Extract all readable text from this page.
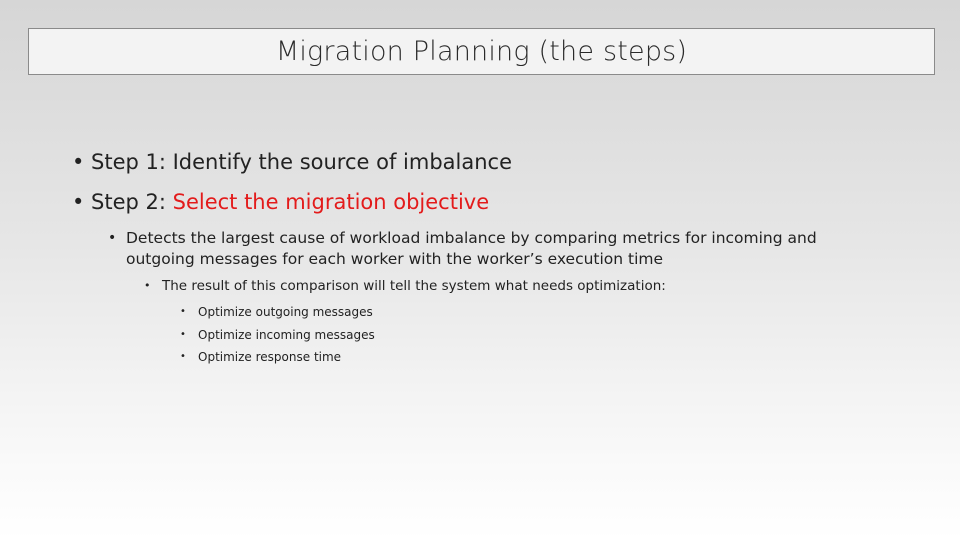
Migration Planning (the steps)
• Step 1: Identify the source of imbalance
• Step 2: Select the migration objective
• Detects the largest cause of workload imbalance by comparing metrics for incoming and outgoing messages for each worker with the worker’s execution time
• The result of this comparison will tell the system what needs optimization:
•	Optimize outgoing messages
•	Optimize incoming messages
•	Optimize response time
